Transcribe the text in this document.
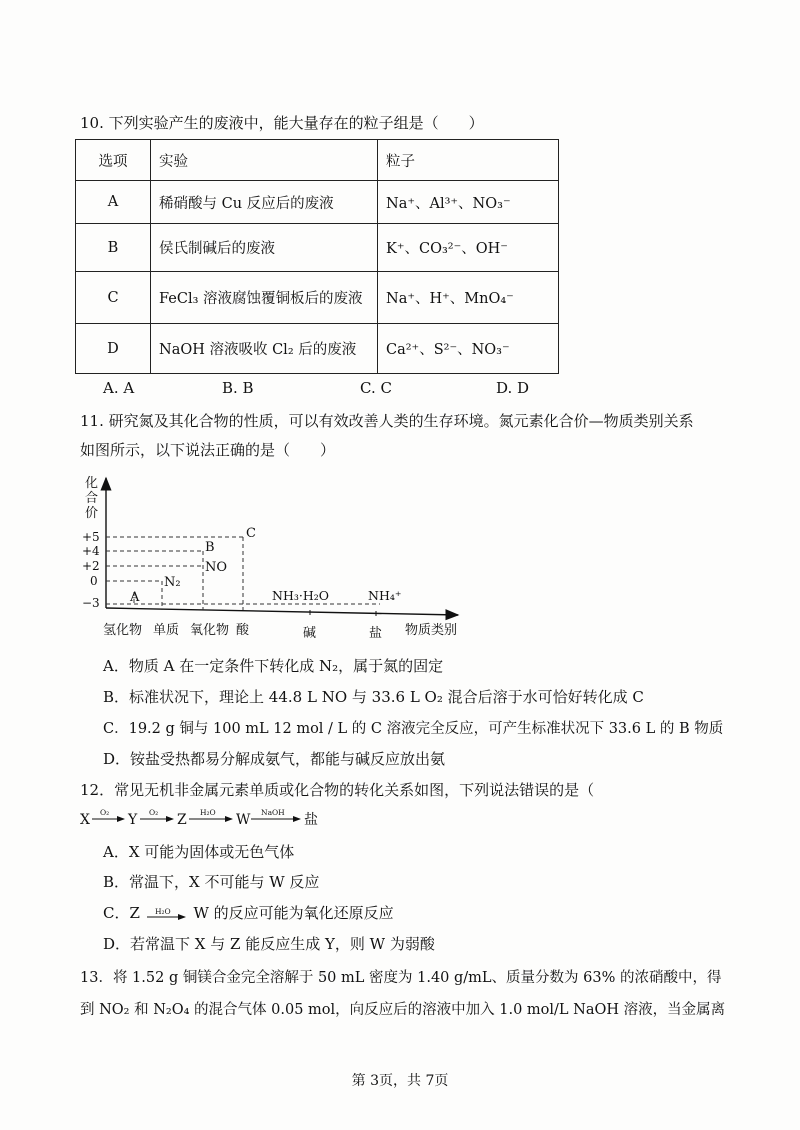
10. 下列实验产生的废液中，能大量存在的粒子组是（　　）
选项	实验	粒子
A	稀硝酸与 Cu 反应后的废液	Na⁺、Al³⁺、NO₃⁻
B	侯氏制碱后的废液	K⁺、CO₃²⁻、OH⁻
C	FeCl₃ 溶液腐蚀覆铜板后的废液	Na⁺、H⁺、MnO₄⁻
D	NaOH 溶液吸收 Cl₂ 后的废液	Ca²⁺、S²⁻、NO₃⁻
A. A	B. B	C. C	D. D
11. 研究氮及其化合物的性质，可以有效改善人类的生存环境。氮元素化合价—物质类别关系
如图所示，以下说法正确的是（　　）
化
合
价
+5
+4
+2
0
−3 A
N₂
NO
B
C
NH₃·H₂O	NH₄⁺
氢化物 单质 氧化物 酸	碱	盐 物质类别
A．物质 A 在一定条件下转化成 N₂，属于氮的固定
B．标准状况下，理论上 44.8 L NO 与 33.6 L O₂ 混合后溶于水可恰好转化成 C
C．19.2 g 铜与 100 mL 12 mol / L 的 C 溶液完全反应，可产生标准状况下 33.6 L 的 B 物质
D．铵盐受热都易分解成氨气，都能与碱反应放出氨
12．常见无机非金属元素单质或化合物的转化关系如图，下列说法错误的是（
X O₂ Y O₂ Z H₂O W NaOH 盐
A．X 可能为固体或无色气体
B．常温下，X 不可能与 W 反应
C．Z H₂O W 的反应可能为氧化还原反应
D．若常温下 X 与 Z 能反应生成 Y，则 W 为弱酸
13．将 1.52 g 铜镁合金完全溶解于 50 mL 密度为 1.40 g/mL、质量分数为 63% 的浓硝酸中，得
到 NO₂ 和 N₂O₄ 的混合气体 0.05 mol，向反应后的溶液中加入 1.0 mol/L NaOH 溶液，当金属离
第 3页，共 7页
